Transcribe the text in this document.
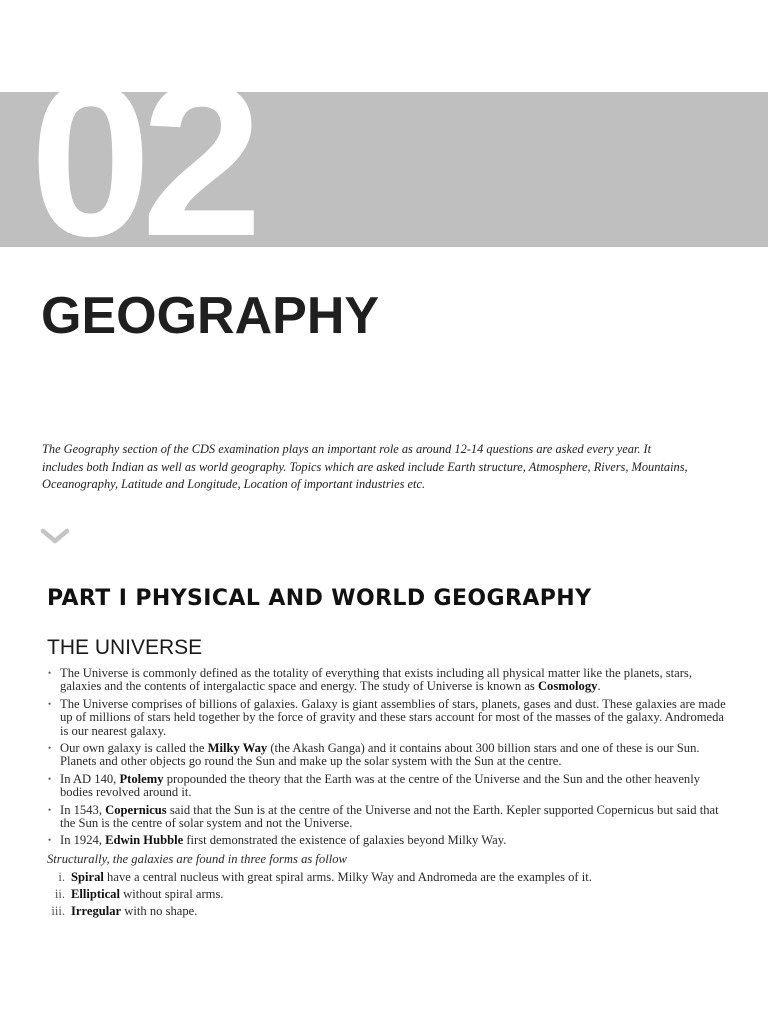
02
GEOGRAPHY
The Geography section of the CDS examination plays an important role as around 12-14 questions are asked every year. It includes both Indian as well as world geography. Topics which are asked include Earth structure, Atmosphere, Rivers, Mountains, Oceanography, Latitude and Longitude, Location of important industries etc.
PART I PHYSICAL AND WORLD GEOGRAPHY
THE UNIVERSE
• The Universe is commonly defined as the totality of everything that exists including all physical matter like the planets, stars, galaxies and the contents of intergalactic space and energy. The study of Universe is known as Cosmology.
• The Universe comprises of billions of galaxies. Galaxy is giant assemblies of stars, planets, gases and dust. These galaxies are made up of millions of stars held together by the force of gravity and these stars account for most of the masses of the galaxy. Andromeda is our nearest galaxy.
• Our own galaxy is called the Milky Way (the Akash Ganga) and it contains about 300 billion stars and one of these is our Sun. Planets and other objects go round the Sun and make up the solar system with the Sun at the centre.
• In AD 140, Ptolemy propounded the theory that the Earth was at the centre of the Universe and the Sun and the other heavenly bodies revolved around it.
• In 1543, Copernicus said that the Sun is at the centre of the Universe and not the Earth. Kepler supported Copernicus but said that the Sun is the centre of solar system and not the Universe.
• In 1924, Edwin Hubble first demonstrated the existence of galaxies beyond Milky Way.
Structurally, the galaxies are found in three forms as follow
i. Spiral have a central nucleus with great spiral arms. Milky Way and Andromeda are the examples of it.
ii. Elliptical without spiral arms.
iii. Irregular with no shape.
